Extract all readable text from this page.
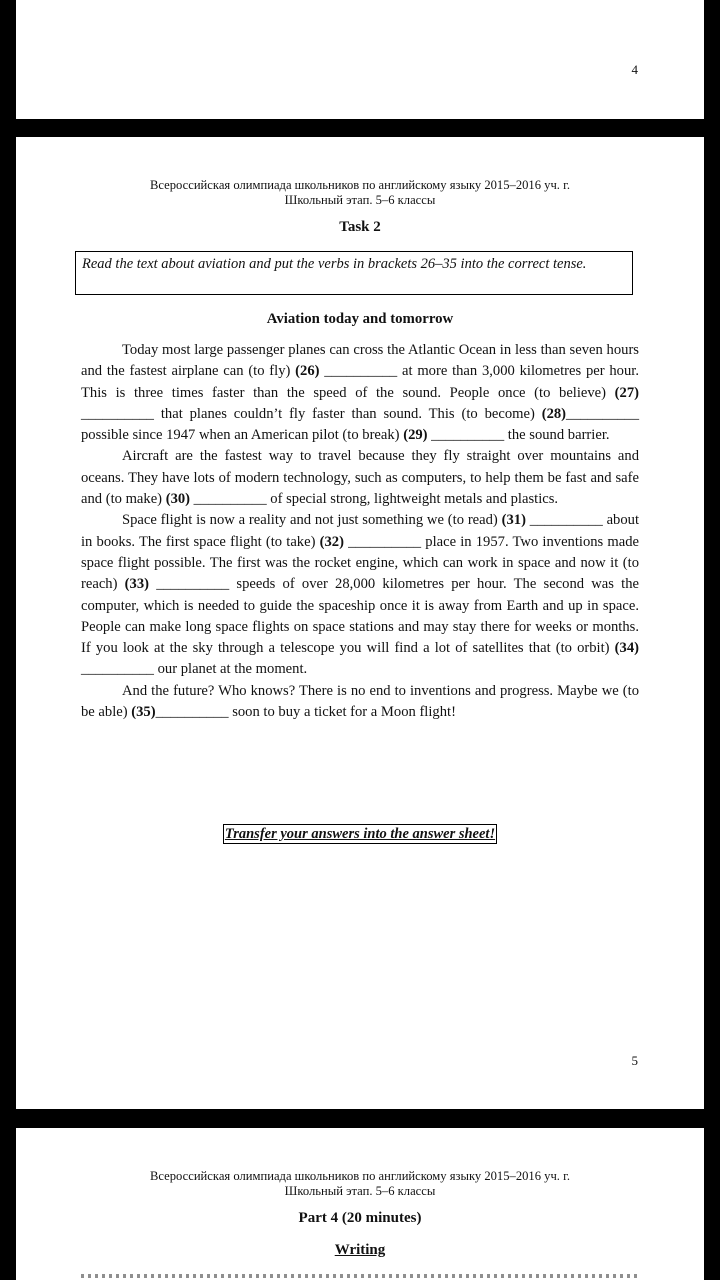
4
Всероссийская олимпиада школьников по английскому языку 2015–2016 уч. г.
Школьный этап. 5–6 классы
Task 2
Read the text about aviation and put the verbs in brackets 26–35 into the correct tense.
Aviation today and tomorrow

Today most large passenger planes can cross the Atlantic Ocean in less than seven hours and the fastest airplane can (to fly) (26) __________ at more than 3,000 kilometres per hour. This is three times faster than the speed of the sound. People once (to believe) (27) __________ that planes couldn’t fly faster than sound. This (to become) (28)__________ possible since 1947 when an American pilot (to break) (29) __________ the sound barrier.

Aircraft are the fastest way to travel because they fly straight over mountains and oceans. They have lots of modern technology, such as computers, to help them be fast and safe and (to make) (30) __________ of special strong, lightweight metals and plastics.

Space flight is now a reality and not just something we (to read) (31) __________ about in books. The first space flight (to take) (32) __________ place in 1957. Two inventions made space flight possible. The first was the rocket engine, which can work in space and now it (to reach) (33) __________ speeds of over 28,000 kilometres per hour. The second was the computer, which is needed to guide the spaceship once it is away from Earth and up in space. People can make long space flights on space stations and may stay there for weeks or months. If you look at the sky through a telescope you will find a lot of satellites that (to orbit) (34) __________ our planet at the moment.

And the future? Who knows? There is no end to inventions and progress. Maybe we (to be able) (35)__________ soon to buy a ticket for a Moon flight!

Transfer your answers into the answer sheet!
5
Всероссийская олимпиада школьников по английскому языку 2015–2016 уч. г.
Школьный этап. 5–6 классы
Part 4 (20 minutes)
Writing
